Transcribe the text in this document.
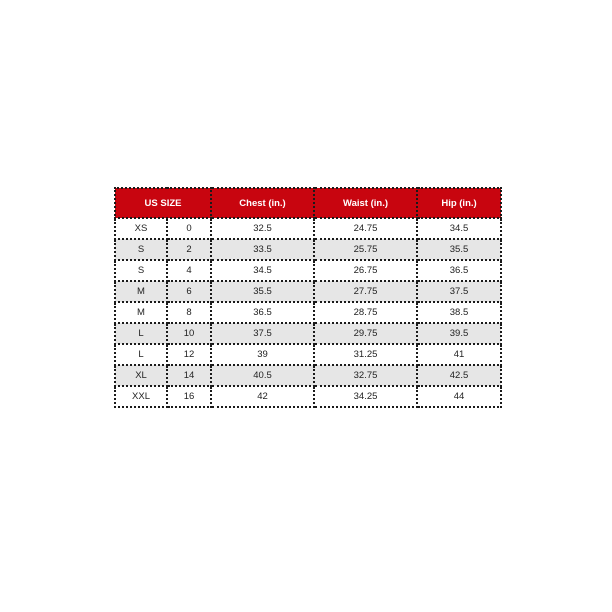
US SIZE		Chest (in.)	Waist (in.)	Hip (in.)
XS	0	32.5	24.75	34.5
S	2	33.5	25.75	35.5
S	4	34.5	26.75	36.5
M	6	35.5	27.75	37.5
M	8	36.5	28.75	38.5
L	10	37.5	29.75	39.5
L	12	39	31.25	41
XL	14	40.5	32.75	42.5
XXL	16	42	34.25	44
